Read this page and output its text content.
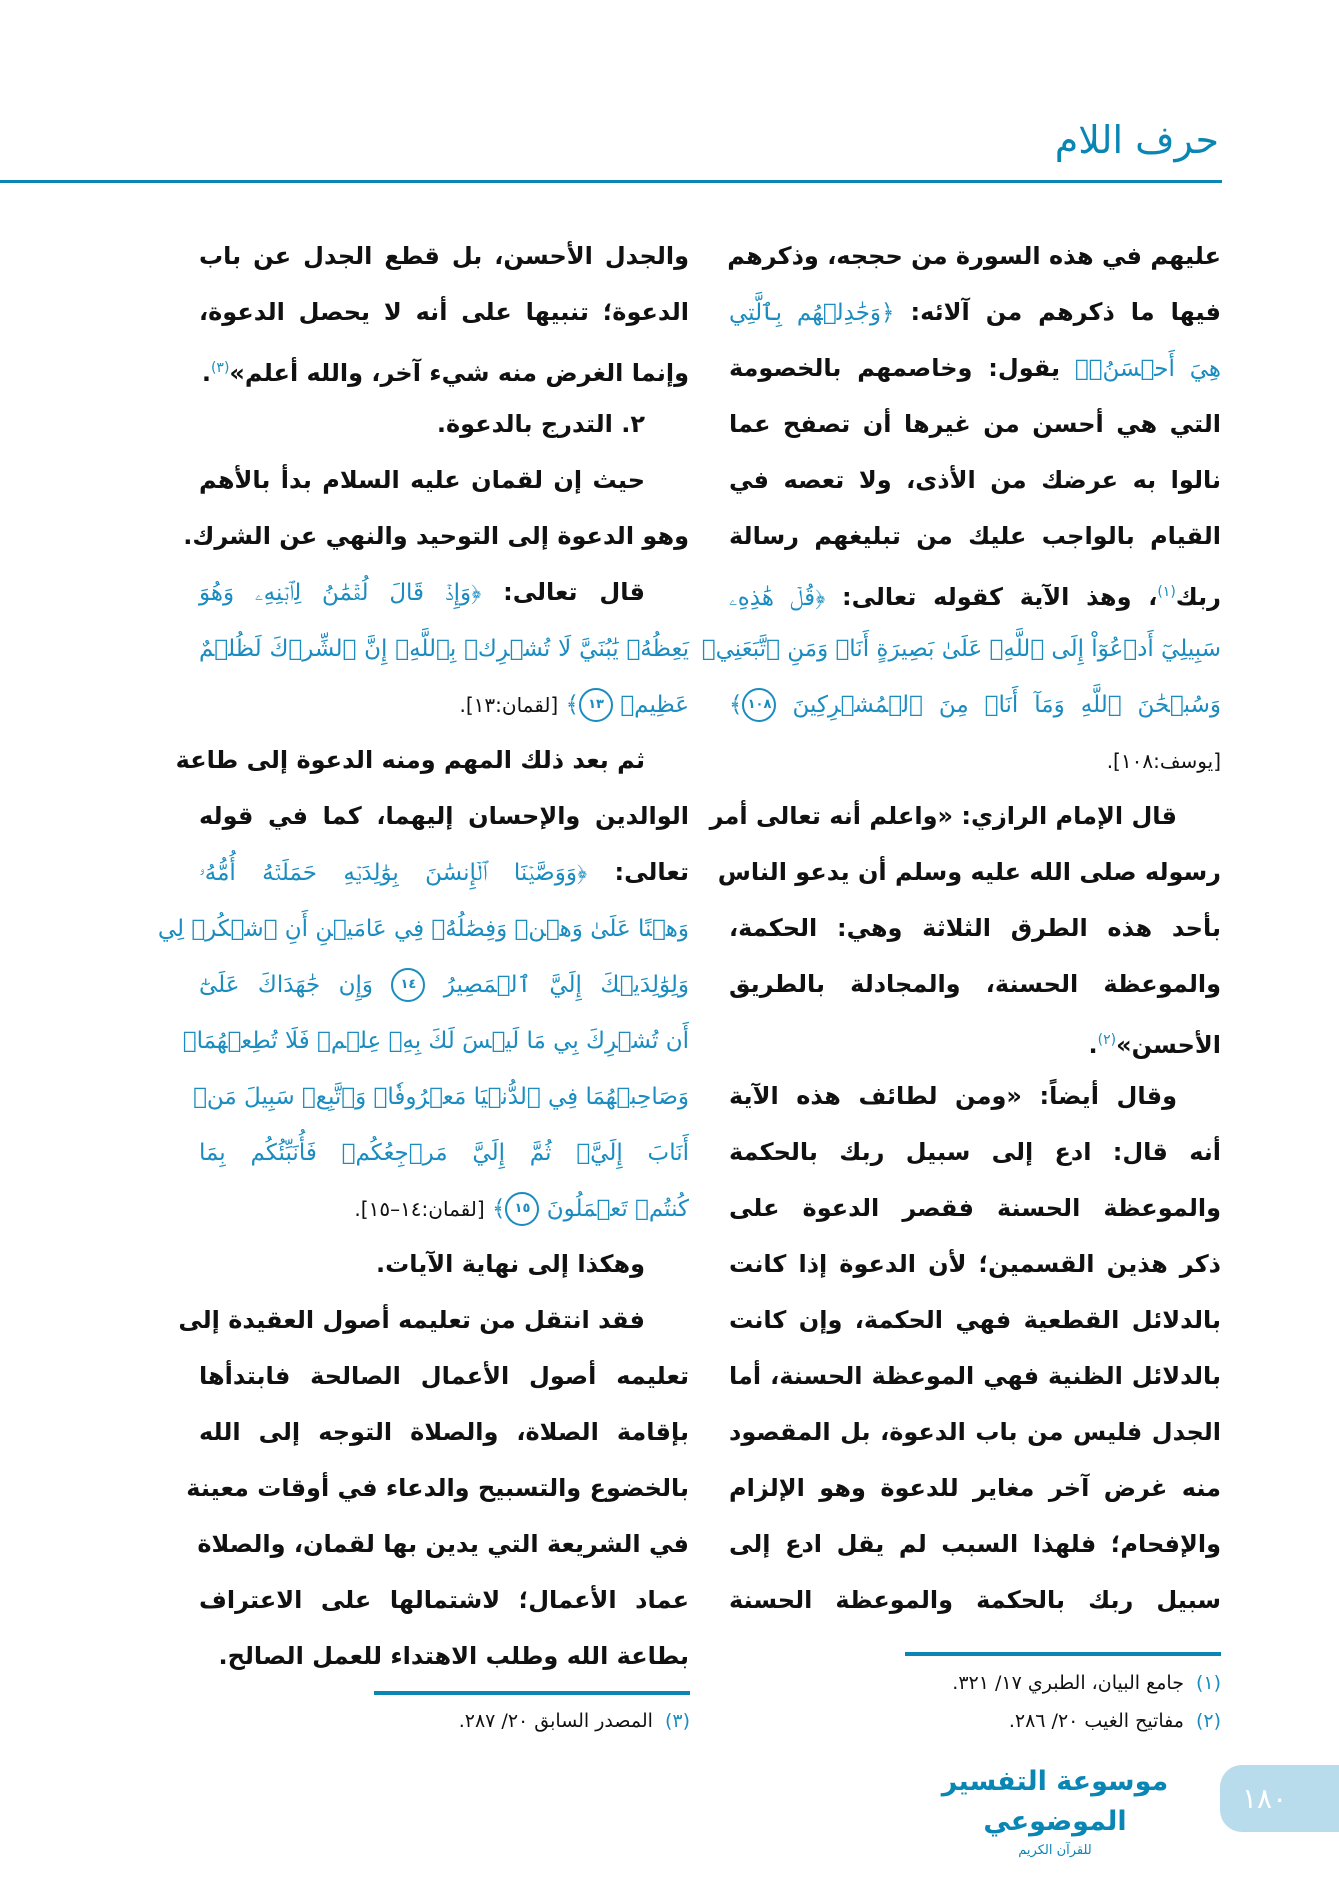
حرف اللام
عليهم في هذه السورة من حججه، وذكرهم
فيها ما ذكرهم من آلائه: ﴿وَجَٰدِلۡهُم بِٱلَّتِي
هِيَ أَحۡسَنُۚ﴾ يقول: وخاصمهم بالخصومة
التي هي أحسن من غيرها أن تصفح عما
نالوا به عرضك من الأذى، ولا تعصه في
القيام بالواجب عليك من تبليغهم رسالة
ربك$^{(١)}$، وهذ الآية كقوله تعالى: ﴿قُلۡ هَٰذِهِۦ
سَبِيلِيٓ أَدۡعُوٓاْ إِلَى ٱللَّهِۚ عَلَىٰ بَصِيرَةٍ أَنَا۠ وَمَنِ ٱتَّبَعَنِيۖ
وَسُبۡحَٰنَ ٱللَّهِ وَمَآ أَنَا۠ مِنَ ٱلۡمُشۡرِكِينَ ١٠٨﴾
[يوسف:١٠٨].
قال الإمام الرازي: «واعلم أنه تعالى أمر
رسوله صلى الله عليه وسلم أن يدعو الناس
بأحد هذه الطرق الثلاثة وهي: الحكمة،
والموعظة الحسنة، والمجادلة بالطريق
الأحسن»$^{(٢)}$.
وقال أيضاً: «ومن لطائف هذه الآية
أنه قال: ادع إلى سبيل ربك بالحكمة
والموعظة الحسنة فقصر الدعوة على
ذكر هذين القسمين؛ لأن الدعوة إذا كانت
بالدلائل القطعية فهي الحكمة، وإن كانت
بالدلائل الظنية فهي الموعظة الحسنة، أما
الجدل فليس من باب الدعوة، بل المقصود
منه غرض آخر مغاير للدعوة وهو الإلزام
والإفحام؛ فلهذا السبب لم يقل ادع إلى
سبيل ربك بالحكمة والموعظة الحسنة
والجدل الأحسن، بل قطع الجدل عن باب
الدعوة؛ تنبيها على أنه لا يحصل الدعوة،
وإنما الغرض منه شيء آخر، والله أعلم»$^{(٣)}$.
٢. التدرج بالدعوة.
حيث إن لقمان عليه السلام بدأ بالأهم
وهو الدعوة إلى التوحيد والنهي عن الشرك.
قال تعالى: ﴿وَإِذۡ قَالَ لُقۡمَٰنُ لِٱبۡنِهِۦ وَهُوَ
يَعِظُهُۥ يَٰبُنَيَّ لَا تُشۡرِكۡ بِٱللَّهِۖ إِنَّ ٱلشِّرۡكَ لَظُلۡمٌ
عَظِيمٞ ١٣﴾ [لقمان:١٣].
ثم بعد ذلك المهم ومنه الدعوة إلى طاعة
الوالدين والإحسان إليهما، كما في قوله
تعالى: ﴿وَوَصَّيۡنَا ٱلۡإِنسَٰنَ بِوَٰلِدَيۡهِ حَمَلَتۡهُ أُمُّهُۥ
وَهۡنًا عَلَىٰ وَهۡنٖ وَفِصَٰلُهُۥ فِي عَامَيۡنِ أَنِ ٱشۡكُرۡ لِي
وَلِوَٰلِدَيۡكَ إِلَيَّ ٱلۡمَصِيرُ ١٤ وَإِن جَٰهَدَاكَ عَلَىٰٓ
أَن تُشۡرِكَ بِي مَا لَيۡسَ لَكَ بِهِۦ عِلۡمٞ فَلَا تُطِعۡهُمَاۖ
وَصَاحِبۡهُمَا فِي ٱلدُّنۡيَا مَعۡرُوفٗاۖ وَٱتَّبِعۡ سَبِيلَ مَنۡ
أَنَابَ إِلَيَّۚ ثُمَّ إِلَيَّ مَرۡجِعُكُمۡ فَأُنَبِّئُكُم بِمَا
كُنتُمۡ تَعۡمَلُونَ ١٥﴾ [لقمان:١٤–١٥].
وهكذا إلى نهاية الآيات.
فقد انتقل من تعليمه أصول العقيدة إلى
تعليمه أصول الأعمال الصالحة فابتدأها
بإقامة الصلاة، والصلاة التوجه إلى الله
بالخضوع والتسبيح والدعاء في أوقات معينة
في الشريعة التي يدين بها لقمان، والصلاة
عماد الأعمال؛ لاشتمالها على الاعتراف
بطاعة الله وطلب الاهتداء للعمل الصالح.
(١)جامع البيان، الطبري ١٧/ ٣٢١.
(٢)مفاتيح الغيب ٢٠/ ٢٨٦.
(٣)المصدر السابق ٢٠/ ٢٨٧.
موسوعة التفسير الموضوعي
للقرآن الكريم
١٨٠
